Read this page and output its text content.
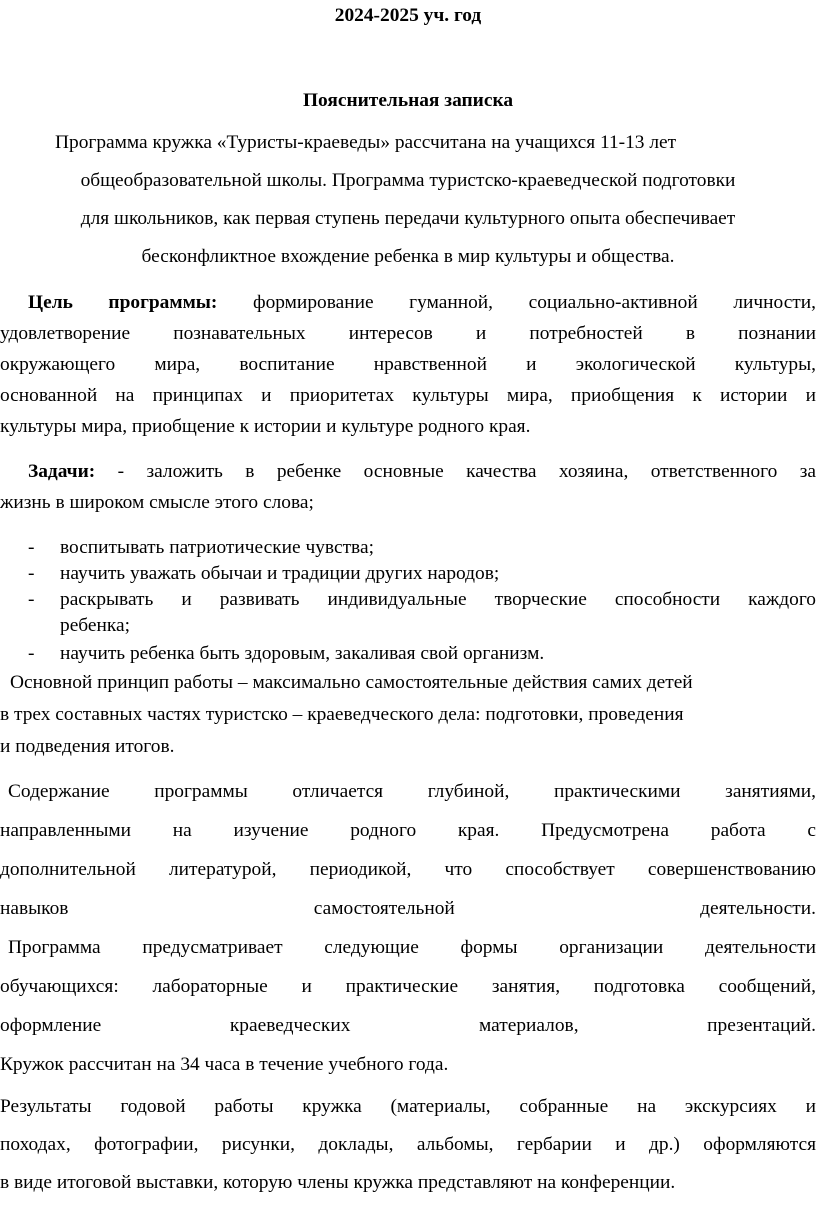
2024-2025 уч. год
Пояснительная записка
Программа кружка «Туристы-краеведы» рассчитана на учащихся 11-13 лет
общеобразовательной школы. Программа туристско-краеведческой подготовки
для школьников, как первая ступень передачи культурного опыта обеспечивает
бесконфликтное вхождение ребенка в мир культуры и общества.
Цель программы: формирование гуманной, социально-активной личности,
удовлетворение познавательных интересов и потребностей в познании
окружающего мира, воспитание нравственной и экологической культуры,
основанной на принципах и приоритетах культуры мира, приобщения к истории и
культуры мира, приобщение к истории и культуре родного края.
Задачи: - заложить в ребенке основные качества хозяина, ответственного за
жизнь в широком смысле этого слова;
- воспитывать патриотические чувства;
- научить уважать обычаи и традиции других народов;
- раскрывать и развивать индивидуальные творческие способности каждого
ребенка;
- научить ребенка быть здоровым, закаливая свой организм.
Основной принцип работы – максимально самостоятельные действия самих детей
в трех составных частях туристско – краеведческого дела: подготовки, проведения
и подведения итогов.
Содержание программы отличается глубиной, практическими занятиями,
направленными на изучение родного края. Предусмотрена работа с
дополнительной литературой, периодикой, что способствует совершенствованию
навыков самостоятельной деятельности.
Программа предусматривает следующие формы организации деятельности
обучающихся: лабораторные и практические занятия, подготовка сообщений,
оформление краеведческих материалов, презентаций.
Кружок рассчитан на 34 часа в течение учебного года.
Результаты годовой работы кружка (материалы, собранные на экскурсиях и
походах, фотографии, рисунки, доклады, альбомы, гербарии и др.) оформляются
в виде итоговой выставки, которую члены кружка представляют на конференции.
